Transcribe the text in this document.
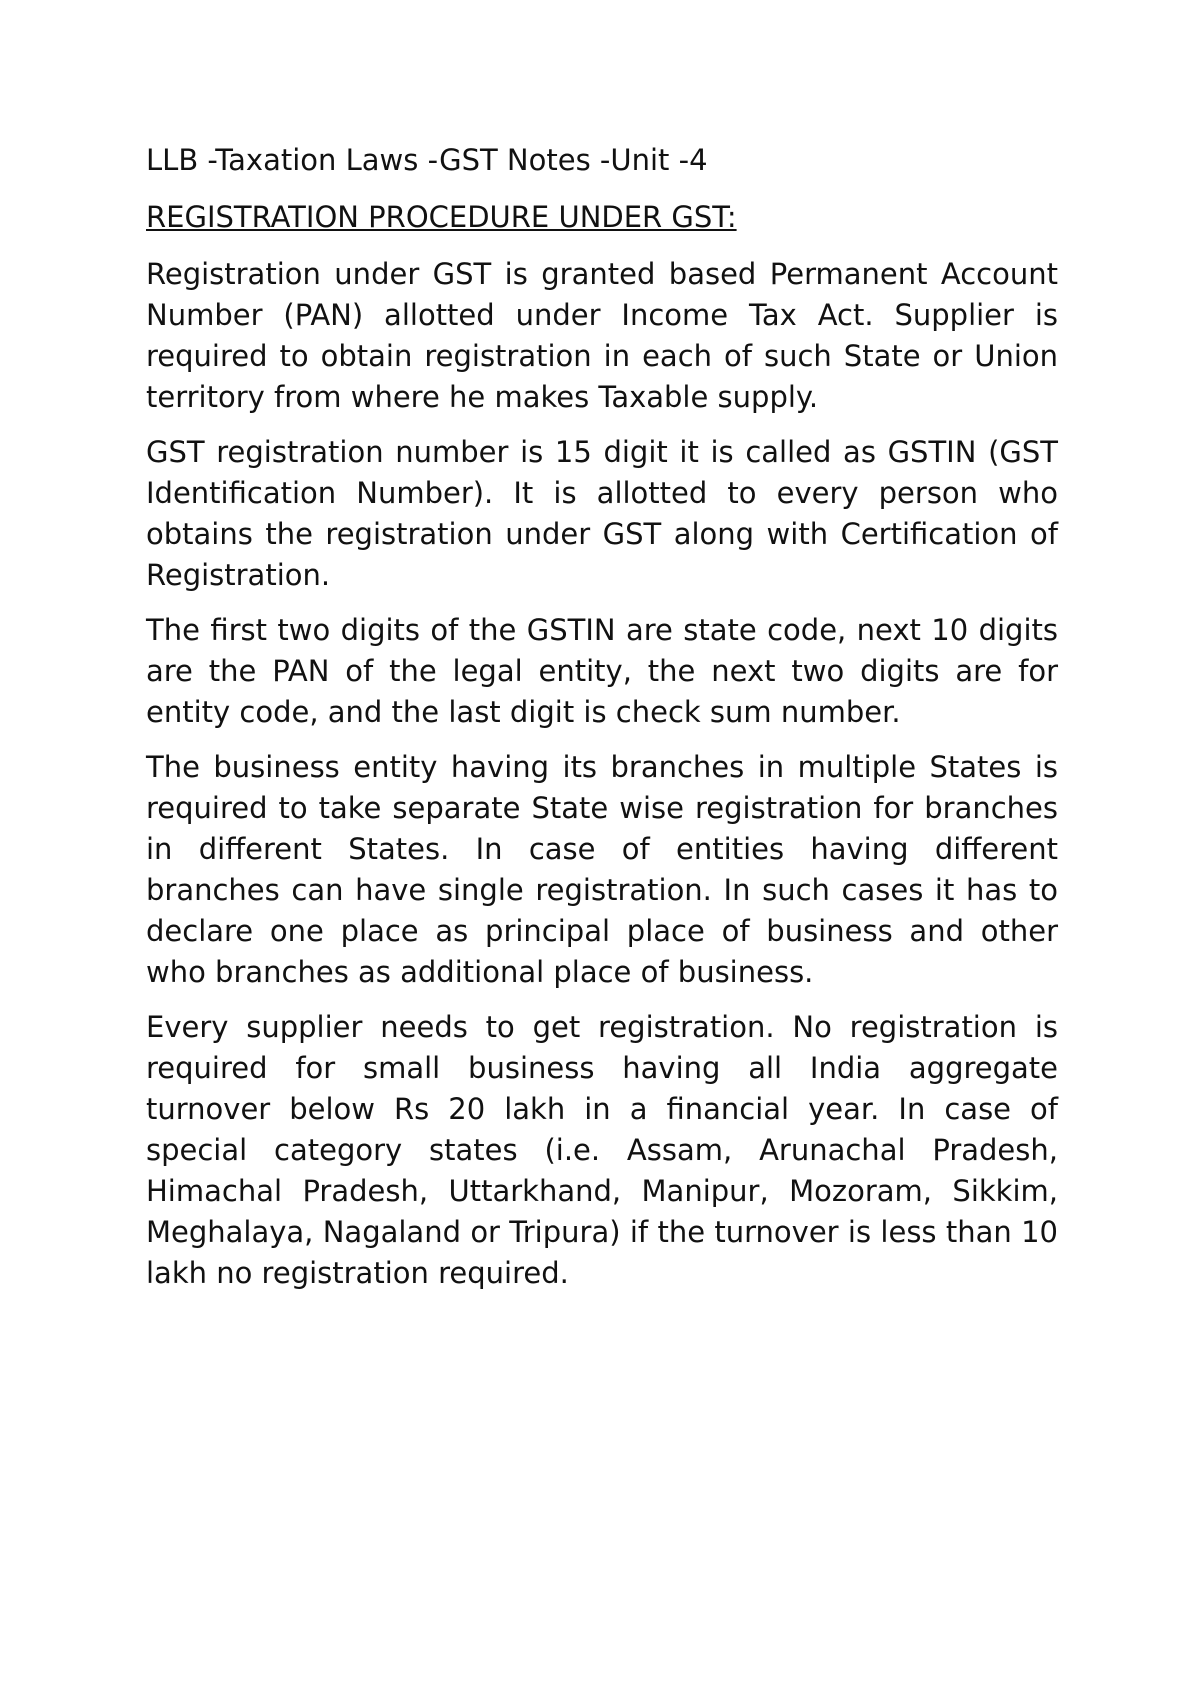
LLB -Taxation Laws -GST Notes -Unit -4
REGISTRATION PROCEDURE UNDER GST:

Registration under GST is granted based Permanent Account Number (PAN) allotted under Income Tax Act. Supplier is required to obtain registration in each of such State or Union territory from where he makes Taxable supply.

GST registration number is 15 digit it is called as GSTIN (GST Identification Number). It is allotted to every person who obtains the registration under GST along with Certification of Registration.

The first two digits of the GSTIN are state code, next 10 digits are the PAN of the legal entity, the next two digits are for entity code, and the last digit is check sum number.

The business entity having its branches in multiple States is required to take separate State wise registration for branches in different States. In case of entities having different branches can have single registration. In such cases it has to declare one place as principal place of business and other who branches as additional place of business.

Every supplier needs to get registration. No registration is required for small business having all India aggregate turnover below Rs 20 lakh in a financial year. In case of special category states (i.e. Assam, Arunachal Pradesh, Himachal Pradesh, Uttarkhand, Manipur, Mozoram, Sikkim, Meghalaya, Nagaland or Tripura) if the turnover is less than 10 lakh no registration required.
